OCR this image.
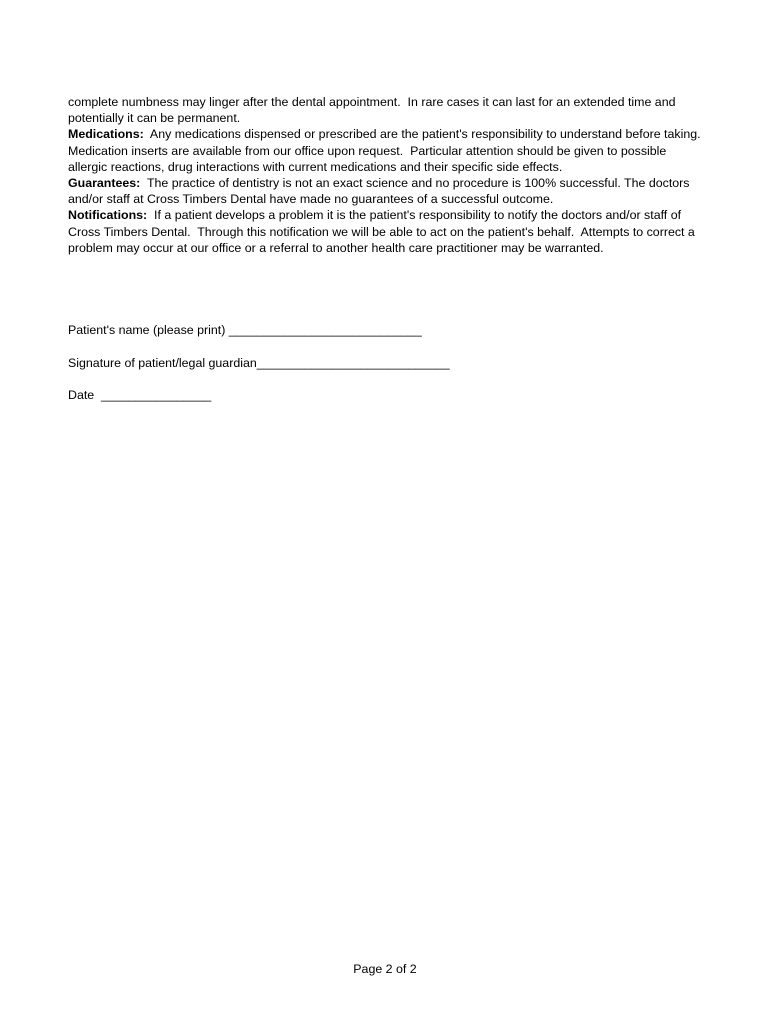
complete numbness may linger after the dental appointment.  In rare cases it can last for an extended time and potentially it can be permanent.

Medications:  Any medications dispensed or prescribed are the patient's responsibility to understand before taking.  Medication inserts are available from our office upon request.  Particular attention should be given to possible allergic reactions, drug interactions with current medications and their specific side effects.

Guarantees:  The practice of dentistry is not an exact science and no procedure is 100% successful. The doctors and/or staff at Cross Timbers Dental have made no guarantees of a successful outcome.

Notifications:  If a patient develops a problem it is the patient's responsibility to notify the doctors and/or staff of Cross Timbers Dental.  Through this notification we will be able to act on the patient's behalf.  Attempts to correct a problem may occur at our office or a referral to another health care practitioner may be warranted.

Patient's name (please print) ____________________________
Signature of patient/legal guardian____________________________
Date  ________________
Page 2 of 2
